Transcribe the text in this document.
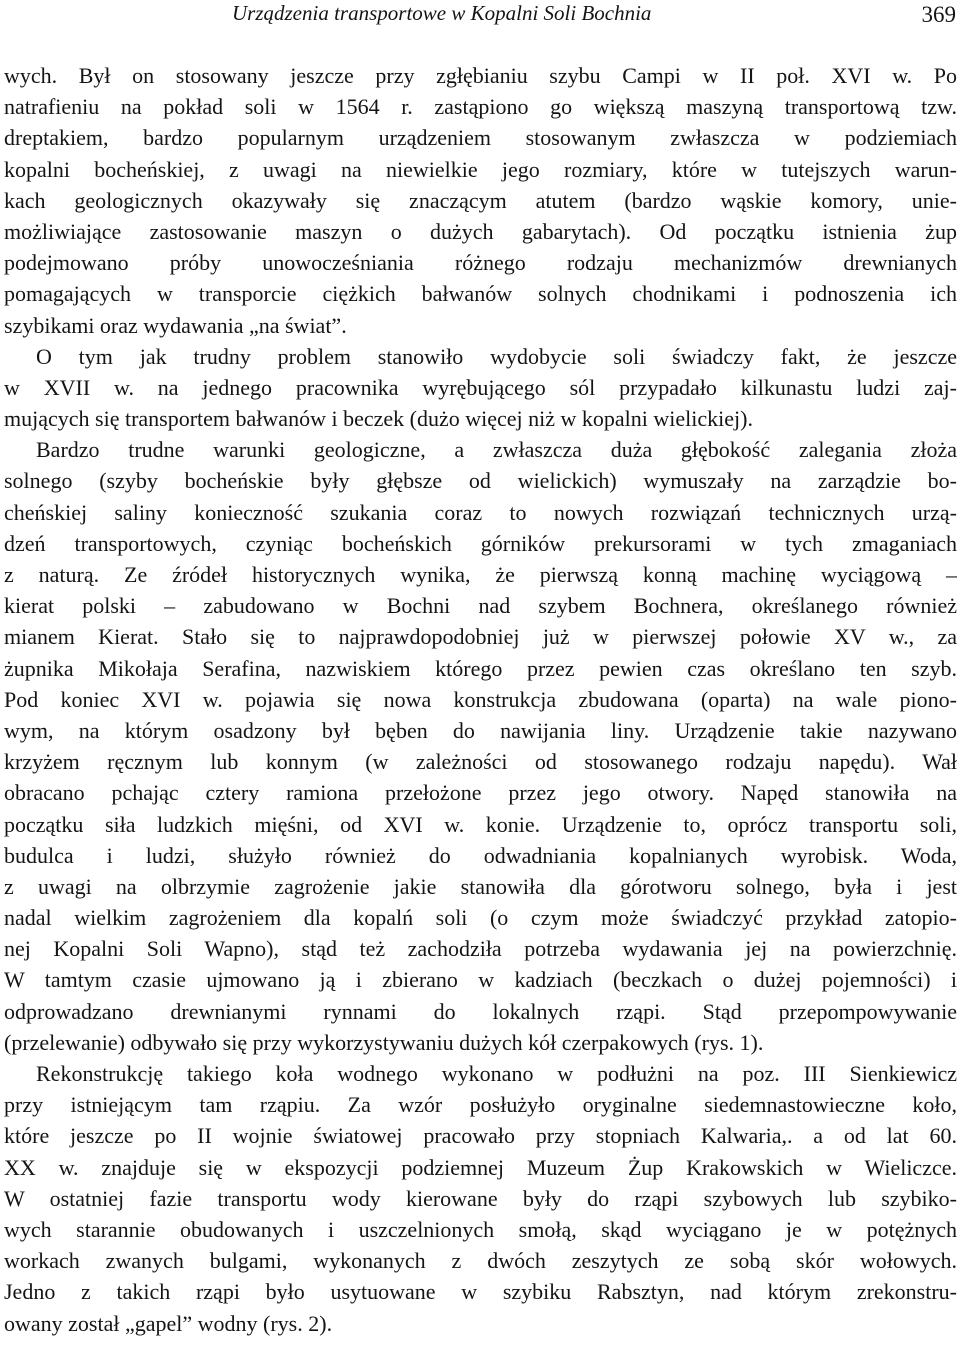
Urządzenia transportowe w Kopalni Soli Bochnia	369
wych. Był on stosowany jeszcze przy zgłębianiu szybu Campi w II poł. XVI w. Po
natrafieniu na pokład soli w 1564 r. zastąpiono go większą maszyną transportową tzw.
dreptakiem, bardzo popularnym urządzeniem stosowanym zwłaszcza w podziemiach
kopalni bocheńskiej, z uwagi na niewielkie jego rozmiary, które w tutejszych warun-
kach geologicznych okazywały się znaczącym atutem (bardzo wąskie komory, unie-
możliwiające zastosowanie maszyn o dużych gabarytach). Od początku istnienia żup
podejmowano próby unowocześniania różnego rodzaju mechanizmów drewnianych
pomagających w transporcie ciężkich bałwanów solnych chodnikami i podnoszenia ich
szybikami oraz wydawania „na świat”.
O tym jak trudny problem stanowiło wydobycie soli świadczy fakt, że jeszcze
w XVII w. na jednego pracownika wyrębującego sól przypadało kilkunastu ludzi zaj-
mujących się transportem bałwanów i beczek (dużo więcej niż w kopalni wielickiej).
Bardzo trudne warunki geologiczne, a zwłaszcza duża głębokość zalegania złoża
solnego (szyby bocheńskie były głębsze od wielickich) wymuszały na zarządzie bo-
cheńskiej saliny konieczność szukania coraz to nowych rozwiązań technicznych urzą-
dzeń transportowych, czyniąc bocheńskich górników prekursorami w tych zmaganiach
z naturą. Ze źródeł historycznych wynika, że pierwszą konną machinę wyciągową –
kierat polski – zabudowano w Bochni nad szybem Bochnera, określanego również
mianem Kierat. Stało się to najprawdopodobniej już w pierwszej połowie XV w., za
żupnika Mikołaja Serafina, nazwiskiem którego przez pewien czas określano ten szyb.
Pod koniec XVI w. pojawia się nowa konstrukcja zbudowana (oparta) na wale piono-
wym, na którym osadzony był bęben do nawijania liny. Urządzenie takie nazywano
krzyżem ręcznym lub konnym (w zależności od stosowanego rodzaju napędu). Wał
obracano pchając cztery ramiona przełożone przez jego otwory. Napęd stanowiła na
początku siła ludzkich mięśni, od XVI w. konie. Urządzenie to, oprócz transportu soli,
budulca i ludzi, służyło również do odwadniania kopalnianych wyrobisk. Woda,
z uwagi na olbrzymie zagrożenie jakie stanowiła dla górotworu solnego, była i jest
nadal wielkim zagrożeniem dla kopalń soli (o czym może świadczyć przykład zatopio-
nej Kopalni Soli Wapno), stąd też zachodziła potrzeba wydawania jej na powierzchnię.
W tamtym czasie ujmowano ją i zbierano w kadziach (beczkach o dużej pojemności) i
odprowadzano drewnianymi rynnami do lokalnych rząpi. Stąd przepompowywanie
(przelewanie) odbywało się przy wykorzystywaniu dużych kół czerpakowych (rys. 1).
Rekonstrukcję takiego koła wodnego wykonano w podłużni na poz. III Sienkiewicz
przy istniejącym tam rząpiu. Za wzór posłużyło oryginalne siedemnastowieczne koło,
które jeszcze po II wojnie światowej pracowało przy stopniach Kalwaria,. a od lat 60.
XX w. znajduje się w ekspozycji podziemnej Muzeum Żup Krakowskich w Wieliczce.
W ostatniej fazie transportu wody kierowane były do rząpi szybowych lub szybiko-
wych starannie obudowanych i uszczelnionych smołą, skąd wyciągano je w potężnych
workach zwanych bulgami, wykonanych z dwóch zeszytych ze sobą skór wołowych.
Jedno z takich rząpi było usytuowane w szybiku Rabsztyn, nad którym zrekonstru-
owany został „gapel” wodny (rys. 2).
